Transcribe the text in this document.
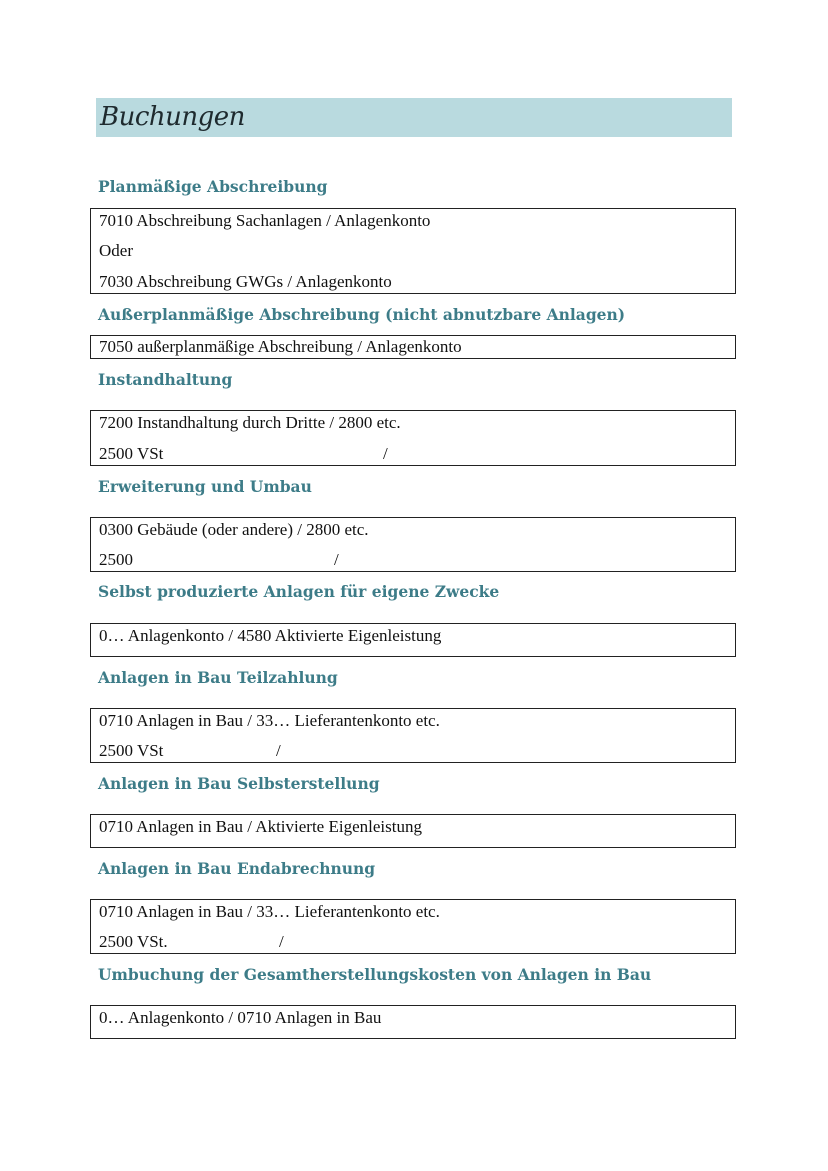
Buchungen
Planmäßige Abschreibung
7010 Abschreibung Sachanlagen / Anlagenkonto
Oder
7030 Abschreibung GWGs / Anlagenkonto
Außerplanmäßige Abschreibung (nicht abnutzbare Anlagen)
7050 außerplanmäßige Abschreibung / Anlagenkonto
Instandhaltung
7200 Instandhaltung durch Dritte / 2800 etc.
2500 VSt	/
Erweiterung und Umbau
0300 Gebäude (oder andere) / 2800 etc.
2500	/
Selbst produzierte Anlagen für eigene Zwecke
0… Anlagenkonto / 4580 Aktivierte Eigenleistung
Anlagen in Bau Teilzahlung
0710 Anlagen in Bau / 33… Lieferantenkonto etc.
2500 VSt	/
Anlagen in Bau Selbsterstellung
0710 Anlagen in Bau / Aktivierte Eigenleistung
Anlagen in Bau Endabrechnung
0710 Anlagen in Bau / 33… Lieferantenkonto etc.
2500 VSt.	/
Umbuchung der Gesamtherstellungskosten von Anlagen in Bau
0… Anlagenkonto / 0710 Anlagen in Bau
